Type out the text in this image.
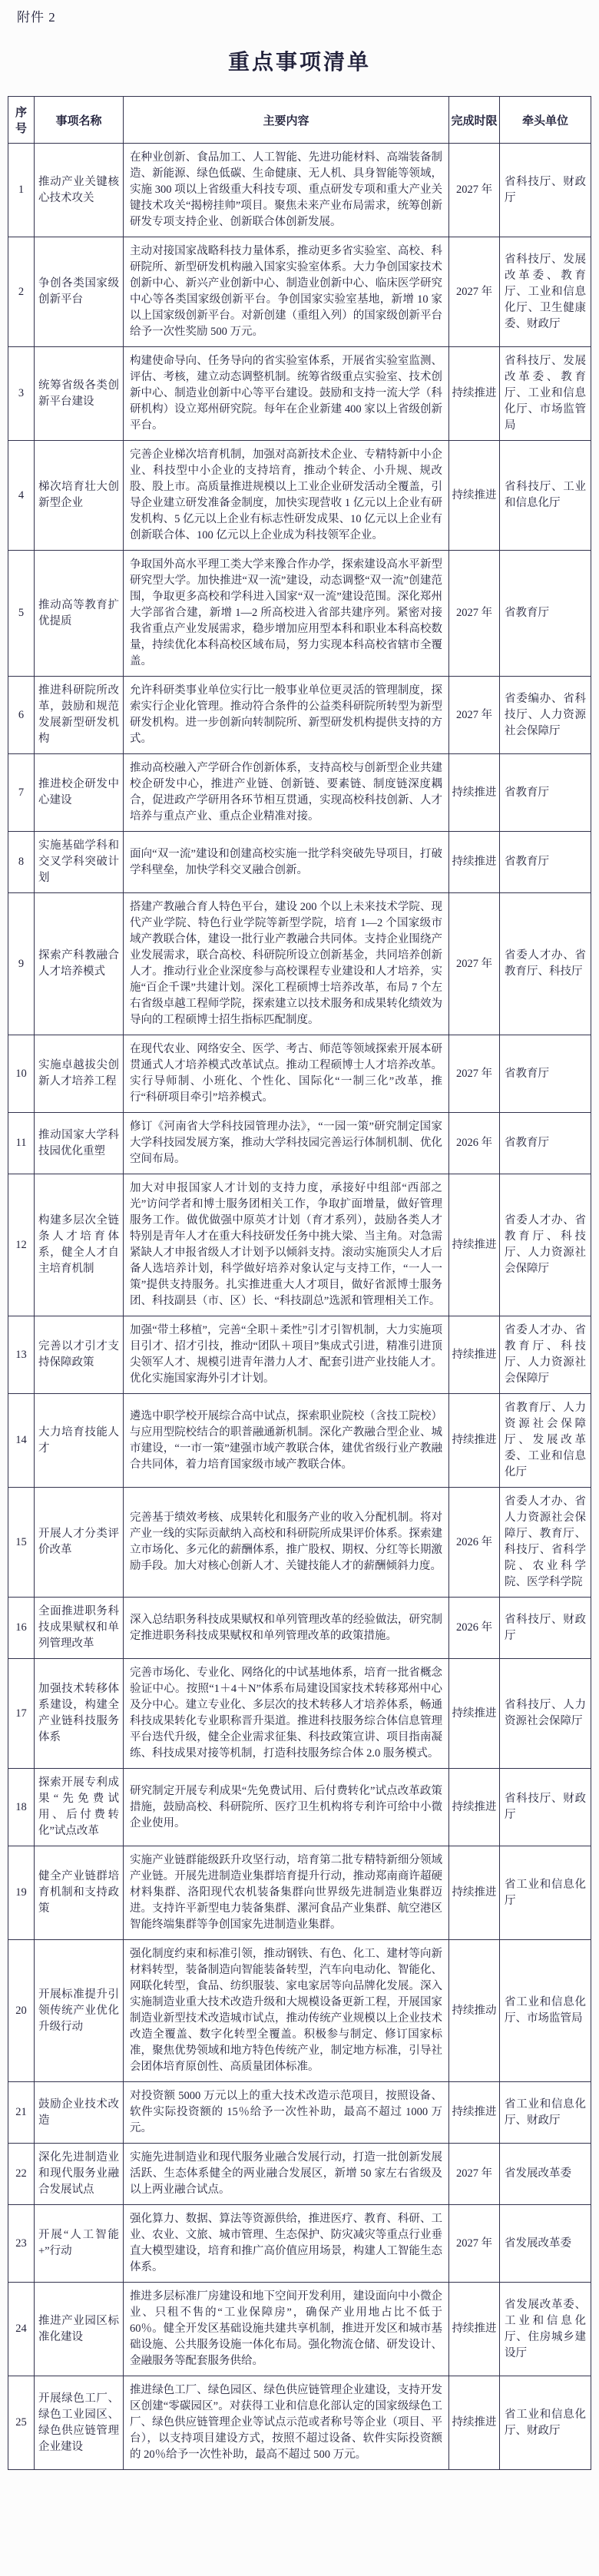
附件 2
重点事项清单
序号	事项名称	主要内容	完成时限	牵头单位
1	推动产业关键核心技术攻关	在种业创新、食品加工、人工智能、先进功能材料、高端装备制造、新能源、绿色低碳、生命健康、无人机、具身智能等领域，实施 300 项以上省级重大科技专项、重点研发专项和重大产业关键技术攻关“揭榜挂帅”项目。聚焦未来产业布局需求，统筹创新研发专项支持企业、创新联合体创新发展。	2027 年	省科技厅、财政厅
2	争创各类国家级创新平台	主动对接国家战略科技力量体系，推动更多省实验室、高校、科研院所、新型研发机构融入国家实验室体系。大力争创国家技术创新中心、新兴产业创新中心、制造业创新中心、临床医学研究中心等各类国家级创新平台。争创国家实验室基地，新增 10 家以上国家级创新平台。对新创建（重组入列）的国家级创新平台给予一次性奖励 500 万元。	2027 年	省科技厅、发展改革委、教育厅、工业和信息化厅、卫生健康委、财政厅
3	统筹省级各类创新平台建设	构建使命导向、任务导向的省实验室体系，开展省实验室监测、评估、考核，建立动态调整机制。统筹省级重点实验室、技术创新中心、制造业创新中心等平台建设。鼓励和支持一流大学（科研机构）设立郑州研究院。每年在企业新建 400 家以上省级创新平台。	持续推进	省科技厅、发展改革委、教育厅、工业和信息化厅、市场监管局
4	梯次培育壮大创新型企业	完善企业梯次培育机制，加强对高新技术企业、专精特新中小企业、科技型中小企业的支持培育，推动个转企、小升规、规改股、股上市。高质量推进规模以上工业企业研发活动全覆盖，引导企业建立研发准备金制度，加快实现营收 1 亿元以上企业有研发机构、5 亿元以上企业有标志性研发成果、10 亿元以上企业有创新联合体、100 亿元以上企业成为科技领军企业。	持续推进	省科技厅、工业和信息化厅
5	推动高等教育扩优提质	争取国外高水平理工类大学来豫合作办学，探索建设高水平新型研究型大学。加快推进“双一流”建设，动态调整“双一流”创建范围，争取更多高校和学科进入国家“双一流”建设范围。深化郑州大学部省合建，新增 1—2 所高校进入省部共建序列。紧密对接我省重点产业发展需求，稳步增加应用型本科和职业本科高校数量，持续优化本科高校区域布局，努力实现本科高校省辖市全覆盖。	2027 年	省教育厅
6	推进科研院所改革，鼓励和规范发展新型研发机构	允许科研类事业单位实行比一般事业单位更灵活的管理制度，探索实行企业化管理。推动符合条件的公益类科研院所转型为新型研发机构。进一步创新向转制院所、新型研发机构提供支持的方式。	2027 年	省委编办、省科技厅、人力资源社会保障厅
7	推进校企研发中心建设	推动高校融入产学研合作创新体系，支持高校与创新型企业共建校企研发中心，推进产业链、创新链、要素链、制度链深度耦合，促进政产学研用各环节相互贯通，实现高校科技创新、人才培养与重点产业、重点企业精准对接。	持续推进	省教育厅
8	实施基础学科和交叉学科突破计划	面向“双一流”建设和创建高校实施一批学科突破先导项目，打破学科壁垒，加快学科交叉融合创新。	持续推进	省教育厅
9	探索产科教融合人才培养模式	搭建产教融合育人特色平台，建设 200 个以上未来技术学院、现代产业学院、特色行业学院等新型学院，培育 1—2 个国家级市域产教联合体，建设一批行业产教融合共同体。支持企业围绕产业发展需求，联合高校、科研院所设立创新基金，共同培养创新人才。推动行业企业深度参与高校课程专业建设和人才培养，实施“百企千课”共建计划。深化工程硕博士培养改革，布局 7 个左右省级卓越工程师学院，探索建立以技术服务和成果转化绩效为导向的工程硕博士招生指标匹配制度。	2027 年	省委人才办、省教育厅、科技厅
10	实施卓越拔尖创新人才培养工程	在现代农业、网络安全、医学、考古、师范等领域探索开展本研贯通式人才培养模式改革试点。推动工程硕博士人才培养改革。实行导师制、小班化、个性化、国际化“一制三化”改革，推行“科研项目牵引”培养模式。	2027 年	省教育厅
11	推动国家大学科技园优化重塑	修订《河南省大学科技园管理办法》，“一园一策”研究制定国家大学科技园发展方案，推动大学科技园完善运行体制机制、优化空间布局。	2026 年	省教育厅
12	构建多层次全链条人才培育体系，健全人才自主培育机制	加大对申报国家人才计划的支持力度，承接好中组部“西部之光”访问学者和博士服务团相关工作，争取扩面增量，做好管理服务工作。做优做强中原英才计划（育才系列），鼓励各类人才特别是青年人才在重大科技研发任务中挑大梁、当主角。对急需紧缺人才申报省级人才计划予以倾斜支持。滚动实施顶尖人才后备人选培养计划，科学做好培养对象认定与支持工作，“一人一策”提供支持服务。扎实推进重大人才项目，做好省派博士服务团、科技副县（市、区）长、“科技副总”选派和管理相关工作。	持续推进	省委人才办、省教育厅、科技厅、人力资源社会保障厅
13	完善以才引才支持保障政策	加强“带土移植”，完善“全职＋柔性”引才引智机制，大力实施项目引才、招才引技，推动“团队＋项目”集成式引进，精准引进顶尖领军人才、规模引进青年潜力人才、配套引进产业技能人才。优化实施国家海外引才计划。	持续推进	省委人才办、省教育厅、科技厅、人力资源社会保障厅
14	大力培育技能人才	遴选中职学校开展综合高中试点，探索职业院校（含技工院校）与应用型院校结合的职普融通新机制。深化产教融合型企业、城市建设，“一市一策”建强市域产教联合体，建优省级行业产教融合共同体，着力培育国家级市域产教联合体。	持续推进	省教育厅、人力资源社会保障厅、发展改革委、工业和信息化厅
15	开展人才分类评价改革	完善基于绩效考核、成果转化和服务产业的收入分配机制。将对产业一线的实际贡献纳入高校和科研院所成果评价体系。探索建立市场化、多元化的薪酬体系，推广股权、期权、分红等长期激励手段。加大对核心创新人才、关键技能人才的薪酬倾斜力度。	2026 年	省委人才办、省人力资源社会保障厅、教育厅、科技厅、省科学院、农业科学院、医学科学院
16	全面推进职务科技成果赋权和单列管理改革	深入总结职务科技成果赋权和单列管理改革的经验做法，研究制定推进职务科技成果赋权和单列管理改革的政策措施。	2026 年	省科技厅、财政厅
17	加强技术转移体系建设，构建全产业链科技服务体系	完善市场化、专业化、网络化的中试基地体系，培育一批省概念验证中心。按照“1＋4＋N”体系布局建设国家技术转移郑州中心及分中心。建立专业化、多层次的技术转移人才培养体系，畅通科技成果转化专业职称晋升渠道。推进科技服务综合体信息管理平台迭代升级，健全企业需求征集、科技政策宣讲、项目指南凝练、科技成果对接等机制，打造科技服务综合体 2.0 服务模式。	持续推进	省科技厅、人力资源社会保障厅
18	探索开展专利成果“先免费试用、后付费转化”试点改革	研究制定开展专利成果“先免费试用、后付费转化”试点改革政策措施，鼓励高校、科研院所、医疗卫生机构将专利许可给中小微企业使用。	持续推进	省科技厅、财政厅
19	健全产业链群培育机制和支持政策	实施产业链群能级跃升攻坚行动，培育第二批专精特新细分领域产业链。开展先进制造业集群培育提升行动，推动郑南商许超硬材料集群、洛阳现代农机装备集群向世界级先进制造业集群迈进。支持许平新型电力装备集群、漯河食品产业集群、航空港区智能终端集群等争创国家先进制造业集群。	持续推进	省工业和信息化厅
20	开展标准提升引领传统产业优化升级行动	强化制度约束和标准引领，推动钢铁、有色、化工、建材等向新材料转型，装备制造向智能装备转型，汽车向电动化、智能化、网联化转型，食品、纺织服装、家电家居等向品牌化发展。深入实施制造业重大技术改造升级和大规模设备更新工程，开展国家制造业新型技术改造城市试点，推动传统产业规模以上企业技术改造全覆盖、数字化转型全覆盖。积极参与制定、修订国家标准，聚焦优势领域和地方特色传统产业，制定地方标准，引导社会团体培育原创性、高质量团体标准。	持续推动	省工业和信息化厅、市场监管局
21	鼓励企业技术改造	对投资额 5000 万元以上的重大技术改造示范项目，按照设备、软件实际投资额的 15％给予一次性补助，最高不超过 1000 万元。	持续推进	省工业和信息化厅、财政厅
22	深化先进制造业和现代服务业融合发展试点	实施先进制造业和现代服务业融合发展行动，打造一批创新发展活跃、生态体系健全的两业融合发展区，新增 50 家左右省级及以上两业融合试点。	2027 年	省发展改革委
23	开展“人工智能+”行动	强化算力、数据、算法等资源供给，推进医疗、教育、科研、工业、农业、文旅、城市管理、生态保护、防灾减灾等重点行业垂直大模型建设，培育和推广高价值应用场景，构建人工智能生态体系。	2027 年	省发展改革委
24	推进产业园区标准化建设	推进多层标准厂房建设和地下空间开发利用，建设面向中小微企业、只租不售的“工业保障房”，确保产业用地占比不低于 60％。健全开发区基础设施共建共享机制，推进开发区和城市基础设施、公共服务设施一体化布局。强化物流仓储、研发设计、金融服务等配套服务供给。	持续推进	省发展改革委、工业和信息化厅、住房城乡建设厅
25	开展绿色工厂、绿色工业园区、绿色供应链管理企业建设	推进绿色工厂、绿色园区、绿色供应链管理企业建设，支持开发区创建“零碳园区”。对获得工业和信息化部认定的国家级绿色工厂、绿色供应链管理企业等试点示范或者称号等企业（项目、平台），以支持项目建设方式，按照不超过设备、软件实际投资额的 20％给予一次性补助，最高不超过 500 万元。	持续推进	省工业和信息化厅、财政厅
